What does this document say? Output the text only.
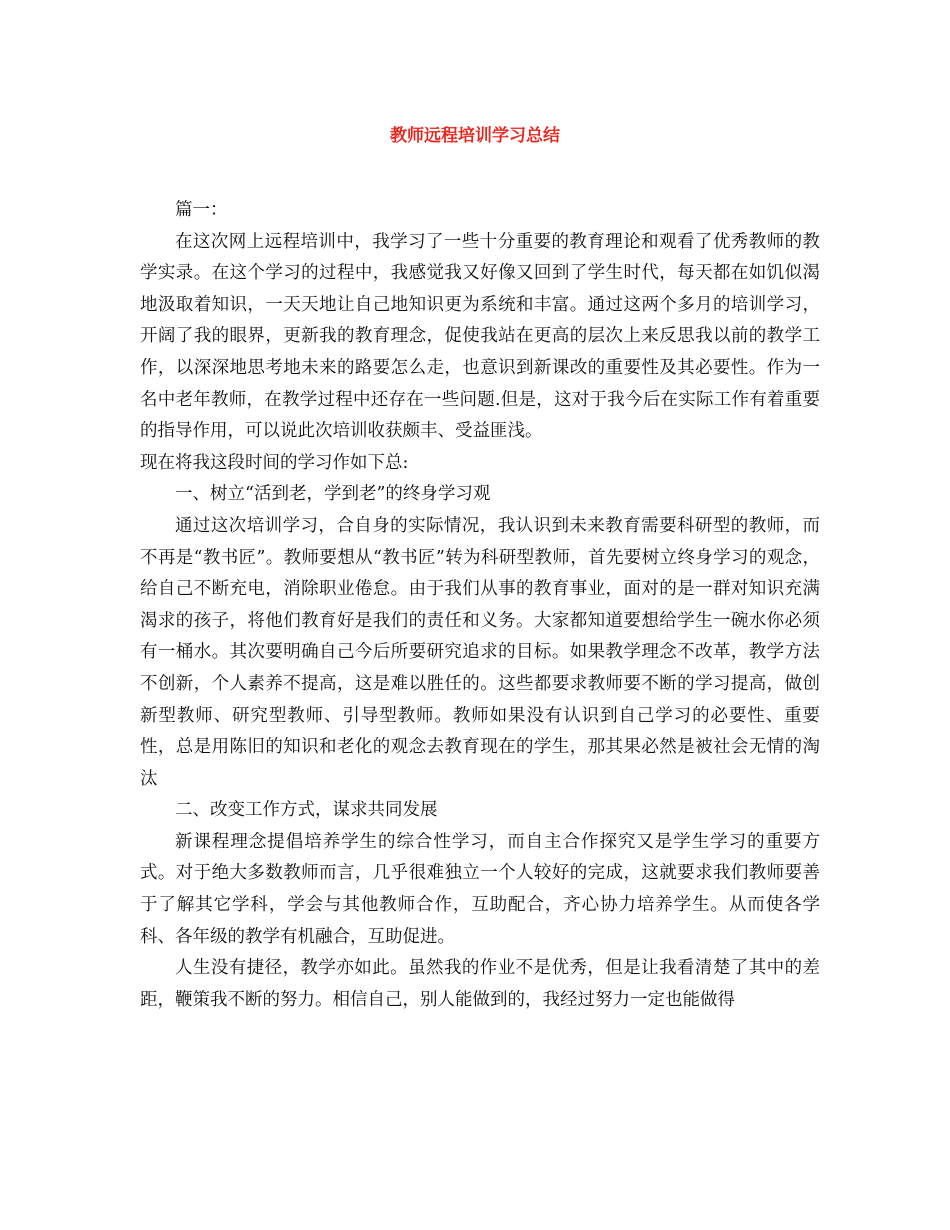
教师远程培训学习总结

篇一：

在这次网上远程培训中，我学习了一些十分重要的教育理论和观看了优秀教师的教学实录。在这个学习的过程中，我感觉我又好像又回到了学生时代，每天都在如饥似渴地汲取着知识，一天天地让自己地知识更为系统和丰富。通过这两个多月的培训学习，开阔了我的眼界，更新我的教育理念，促使我站在更高的层次上来反思我以前的教学工作，以深深地思考地未来的路要怎么走，也意识到新课改的重要性及其必要性。作为一名中老年教师，在教学过程中还存在一些问题.但是，这对于我今后在实际工作有着重要的指导作用，可以说此次培训收获颇丰、受益匪浅。

现在将我这段时间的学习作如下总:

一、树立“活到老，学到老”的终身学习观

通过这次培训学习，合自身的实际情况，我认识到未来教育需要科研型的教师，而不再是“教书匠”。教师要想从“教书匠”转为科研型教师，首先要树立终身学习的观念，给自己不断充电，消除职业倦怠。由于我们从事的教育事业，面对的是一群对知识充满渴求的孩子，将他们教育好是我们的责任和义务。大家都知道要想给学生一碗水你必须有一桶水。其次要明确自己今后所要研究追求的目标。如果教学理念不改革，教学方法不创新，个人素养不提高，这是难以胜任的。这些都要求教师要不断的学习提高，做创新型教师、研究型教师、引导型教师。教师如果没有认识到自己学习的必要性、重要性，总是用陈旧的知识和老化的观念去教育现在的学生，那其果必然是被社会无情的淘汰

二、改变工作方式，谋求共同发展

新课程理念提倡培养学生的综合性学习，而自主合作探究又是学生学习的重要方式。对于绝大多数教师而言，几乎很难独立一个人较好的完成，这就要求我们教师要善于了解其它学科，学会与其他教师合作，互助配合，齐心协力培养学生。从而使各学科、各年级的教学有机融合，互助促进。

人生没有捷径，教学亦如此。虽然我的作业不是优秀，但是让我看清楚了其中的差距，鞭策我不断的努力。相信自己，别人能做到的，我经过努力一定也能做得
